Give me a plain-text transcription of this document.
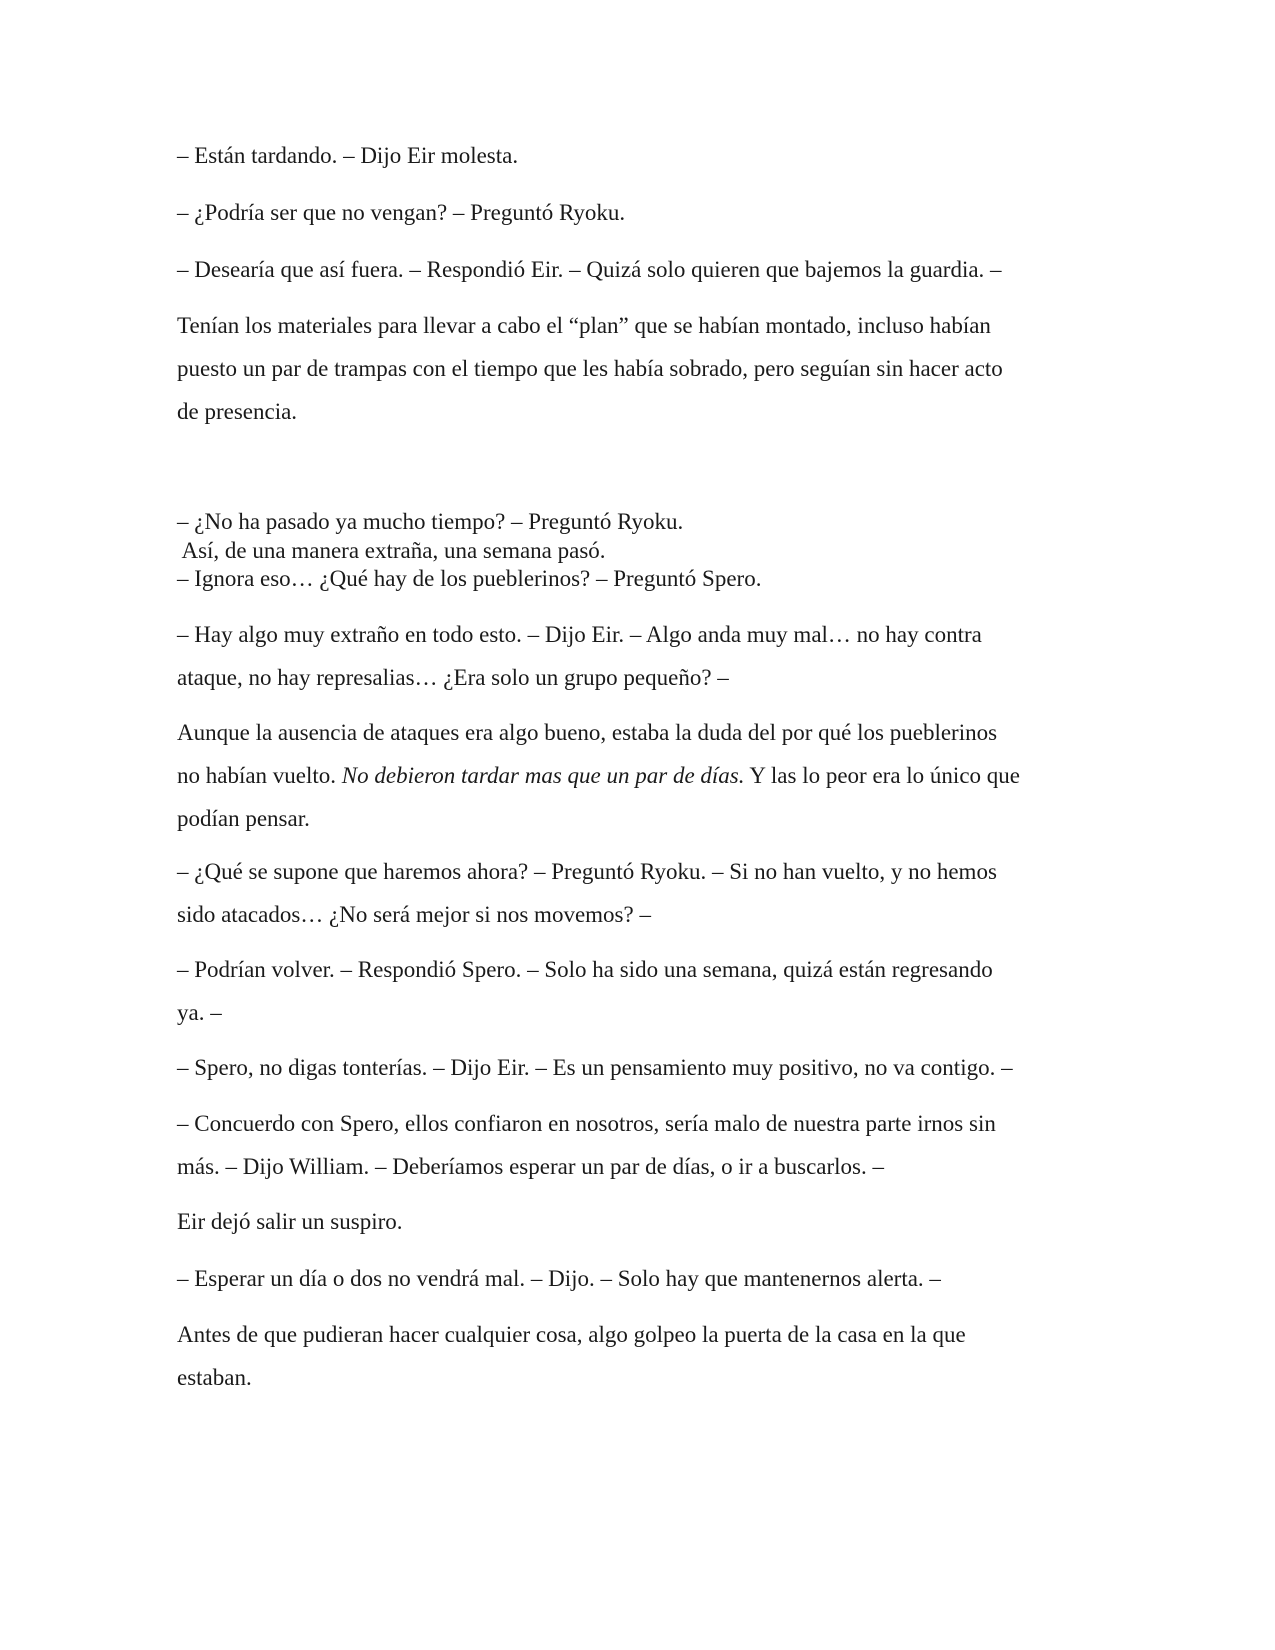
– Están tardando. – Dijo Eir molesta.
– ¿Podría ser que no vengan? – Preguntó Ryoku.
– Desearía que así fuera. – Respondió Eir. – Quizá solo quieren que bajemos la guardia. –
Tenían los materiales para llevar a cabo el “plan” que se habían montado, incluso habían
puesto un par de trampas con el tiempo que les había sobrado, pero seguían sin hacer acto
de presencia.

Así, de una manera extraña, una semana pasó.

– ¿No ha pasado ya mucho tiempo? – Preguntó Ryoku.
– Ignora eso… ¿Qué hay de los pueblerinos? – Preguntó Spero.
– Hay algo muy extraño en todo esto. – Dijo Eir. – Algo anda muy mal… no hay contra
ataque, no hay represalias… ¿Era solo un grupo pequeño? –
Aunque la ausencia de ataques era algo bueno, estaba la duda del por qué los pueblerinos
no habían vuelto. No debieron tardar mas que un par de días. Y las lo peor era lo único que
podían pensar.
– ¿Qué se supone que haremos ahora? – Preguntó Ryoku. – Si no han vuelto, y no hemos
sido atacados… ¿No será mejor si nos movemos? –
– Podrían volver. – Respondió Spero. – Solo ha sido una semana, quizá están regresando
ya. –
– Spero, no digas tonterías. – Dijo Eir. – Es un pensamiento muy positivo, no va contigo. –
– Concuerdo con Spero, ellos confiaron en nosotros, sería malo de nuestra parte irnos sin
más. – Dijo William. – Deberíamos esperar un par de días, o ir a buscarlos. –
Eir dejó salir un suspiro.
– Esperar un día o dos no vendrá mal. – Dijo. – Solo hay que mantenernos alerta. –
Antes de que pudieran hacer cualquier cosa, algo golpeo la puerta de la casa en la que
estaban.
